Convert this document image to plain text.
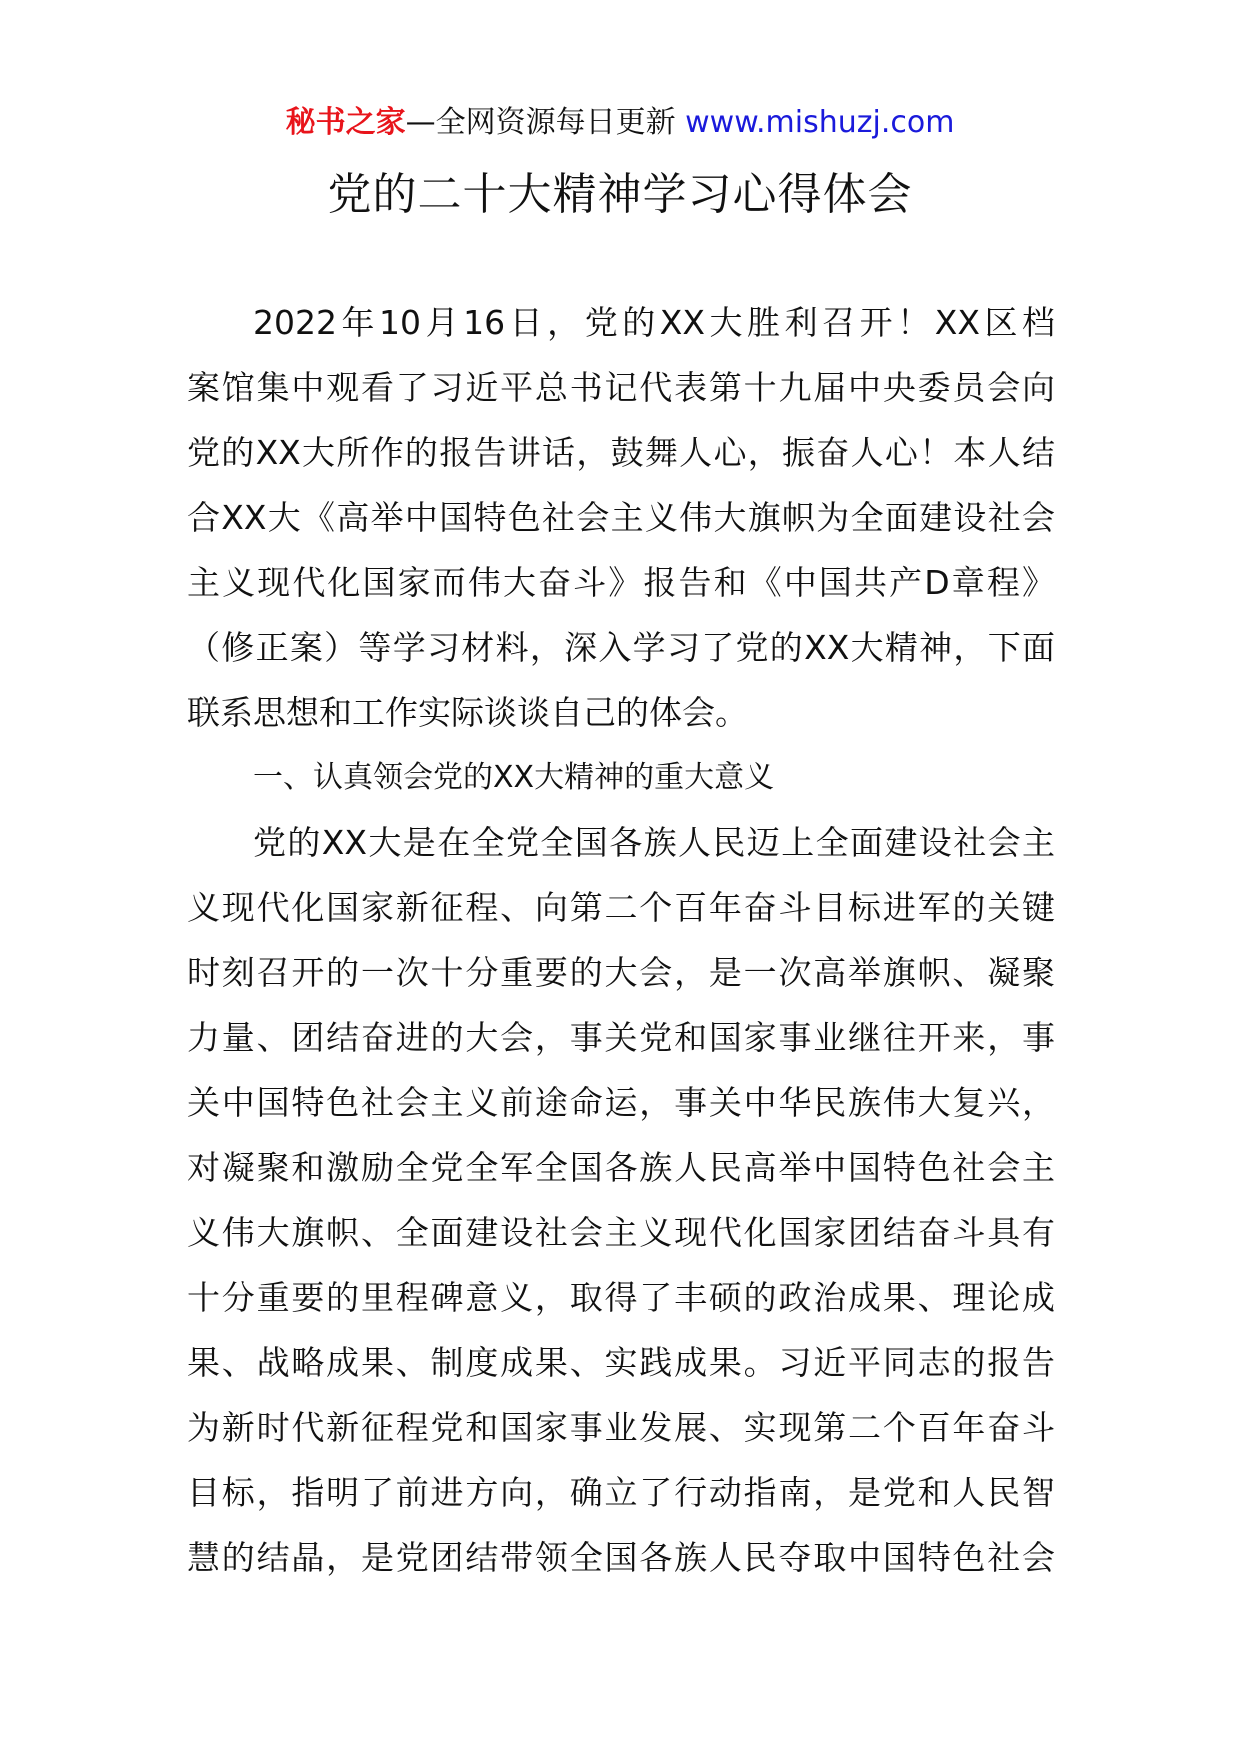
秘书之家—全网资源每日更新 www.mishuzj.com
党的二十大精神学习心得体会
2022年10月16日，党的XX大胜利召开！XX区档
案馆集中观看了习近平总书记代表第十九届中央委员会向
党的XX大所作的报告讲话，鼓舞人心，振奋人心！本人结
合XX大《高举中国特色社会主义伟大旗帜为全面建设社会
主义现代化国家而伟大奋斗》报告和《中国共产D章程》
（修正案）等学习材料，深入学习了党的XX大精神，下面
联系思想和工作实际谈谈自己的体会。
一、认真领会党的XX大精神的重大意义
党的XX大是在全党全国各族人民迈上全面建设社会主
义现代化国家新征程、向第二个百年奋斗目标进军的关键
时刻召开的一次十分重要的大会，是一次高举旗帜、凝聚
力量、团结奋进的大会，事关党和国家事业继往开来，事
关中国特色社会主义前途命运，事关中华民族伟大复兴，
对凝聚和激励全党全军全国各族人民高举中国特色社会主
义伟大旗帜、全面建设社会主义现代化国家团结奋斗具有
十分重要的里程碑意义，取得了丰硕的政治成果、理论成
果、战略成果、制度成果、实践成果。习近平同志的报告
为新时代新征程党和国家事业发展、实现第二个百年奋斗
目标，指明了前进方向，确立了行动指南，是党和人民智
慧的结晶，是党团结带领全国各族人民夺取中国特色社会
